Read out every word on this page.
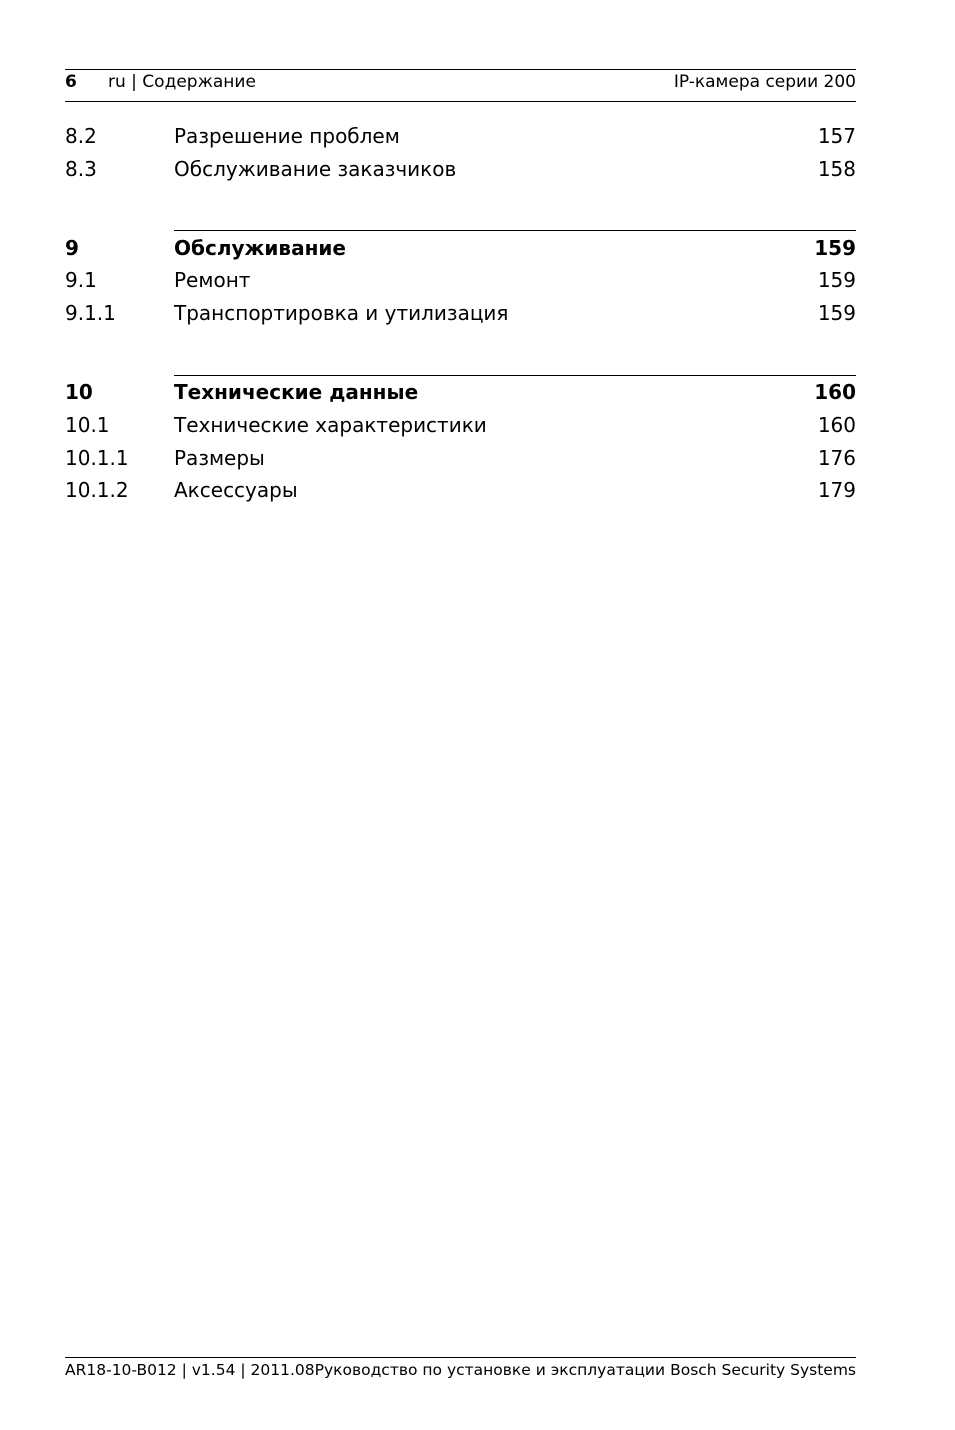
6 ru | Содержание	IP-камера серии 200
8.2	Разрешение проблем	157
8.3	Обслуживание заказчиков	158
9	Обслуживание	159
9.1	Ремонт	159
9.1.1	Транспортировка и утилизация	159
10	Технические данные	160
10.1	Технические характеристики	160
10.1.1 Размеры	176
10.1.2 Аксессуары	179
AR18-10-B012 | v1.54 | 2011.08Руководство по установке и эксплуатации Bosch Security Systems
